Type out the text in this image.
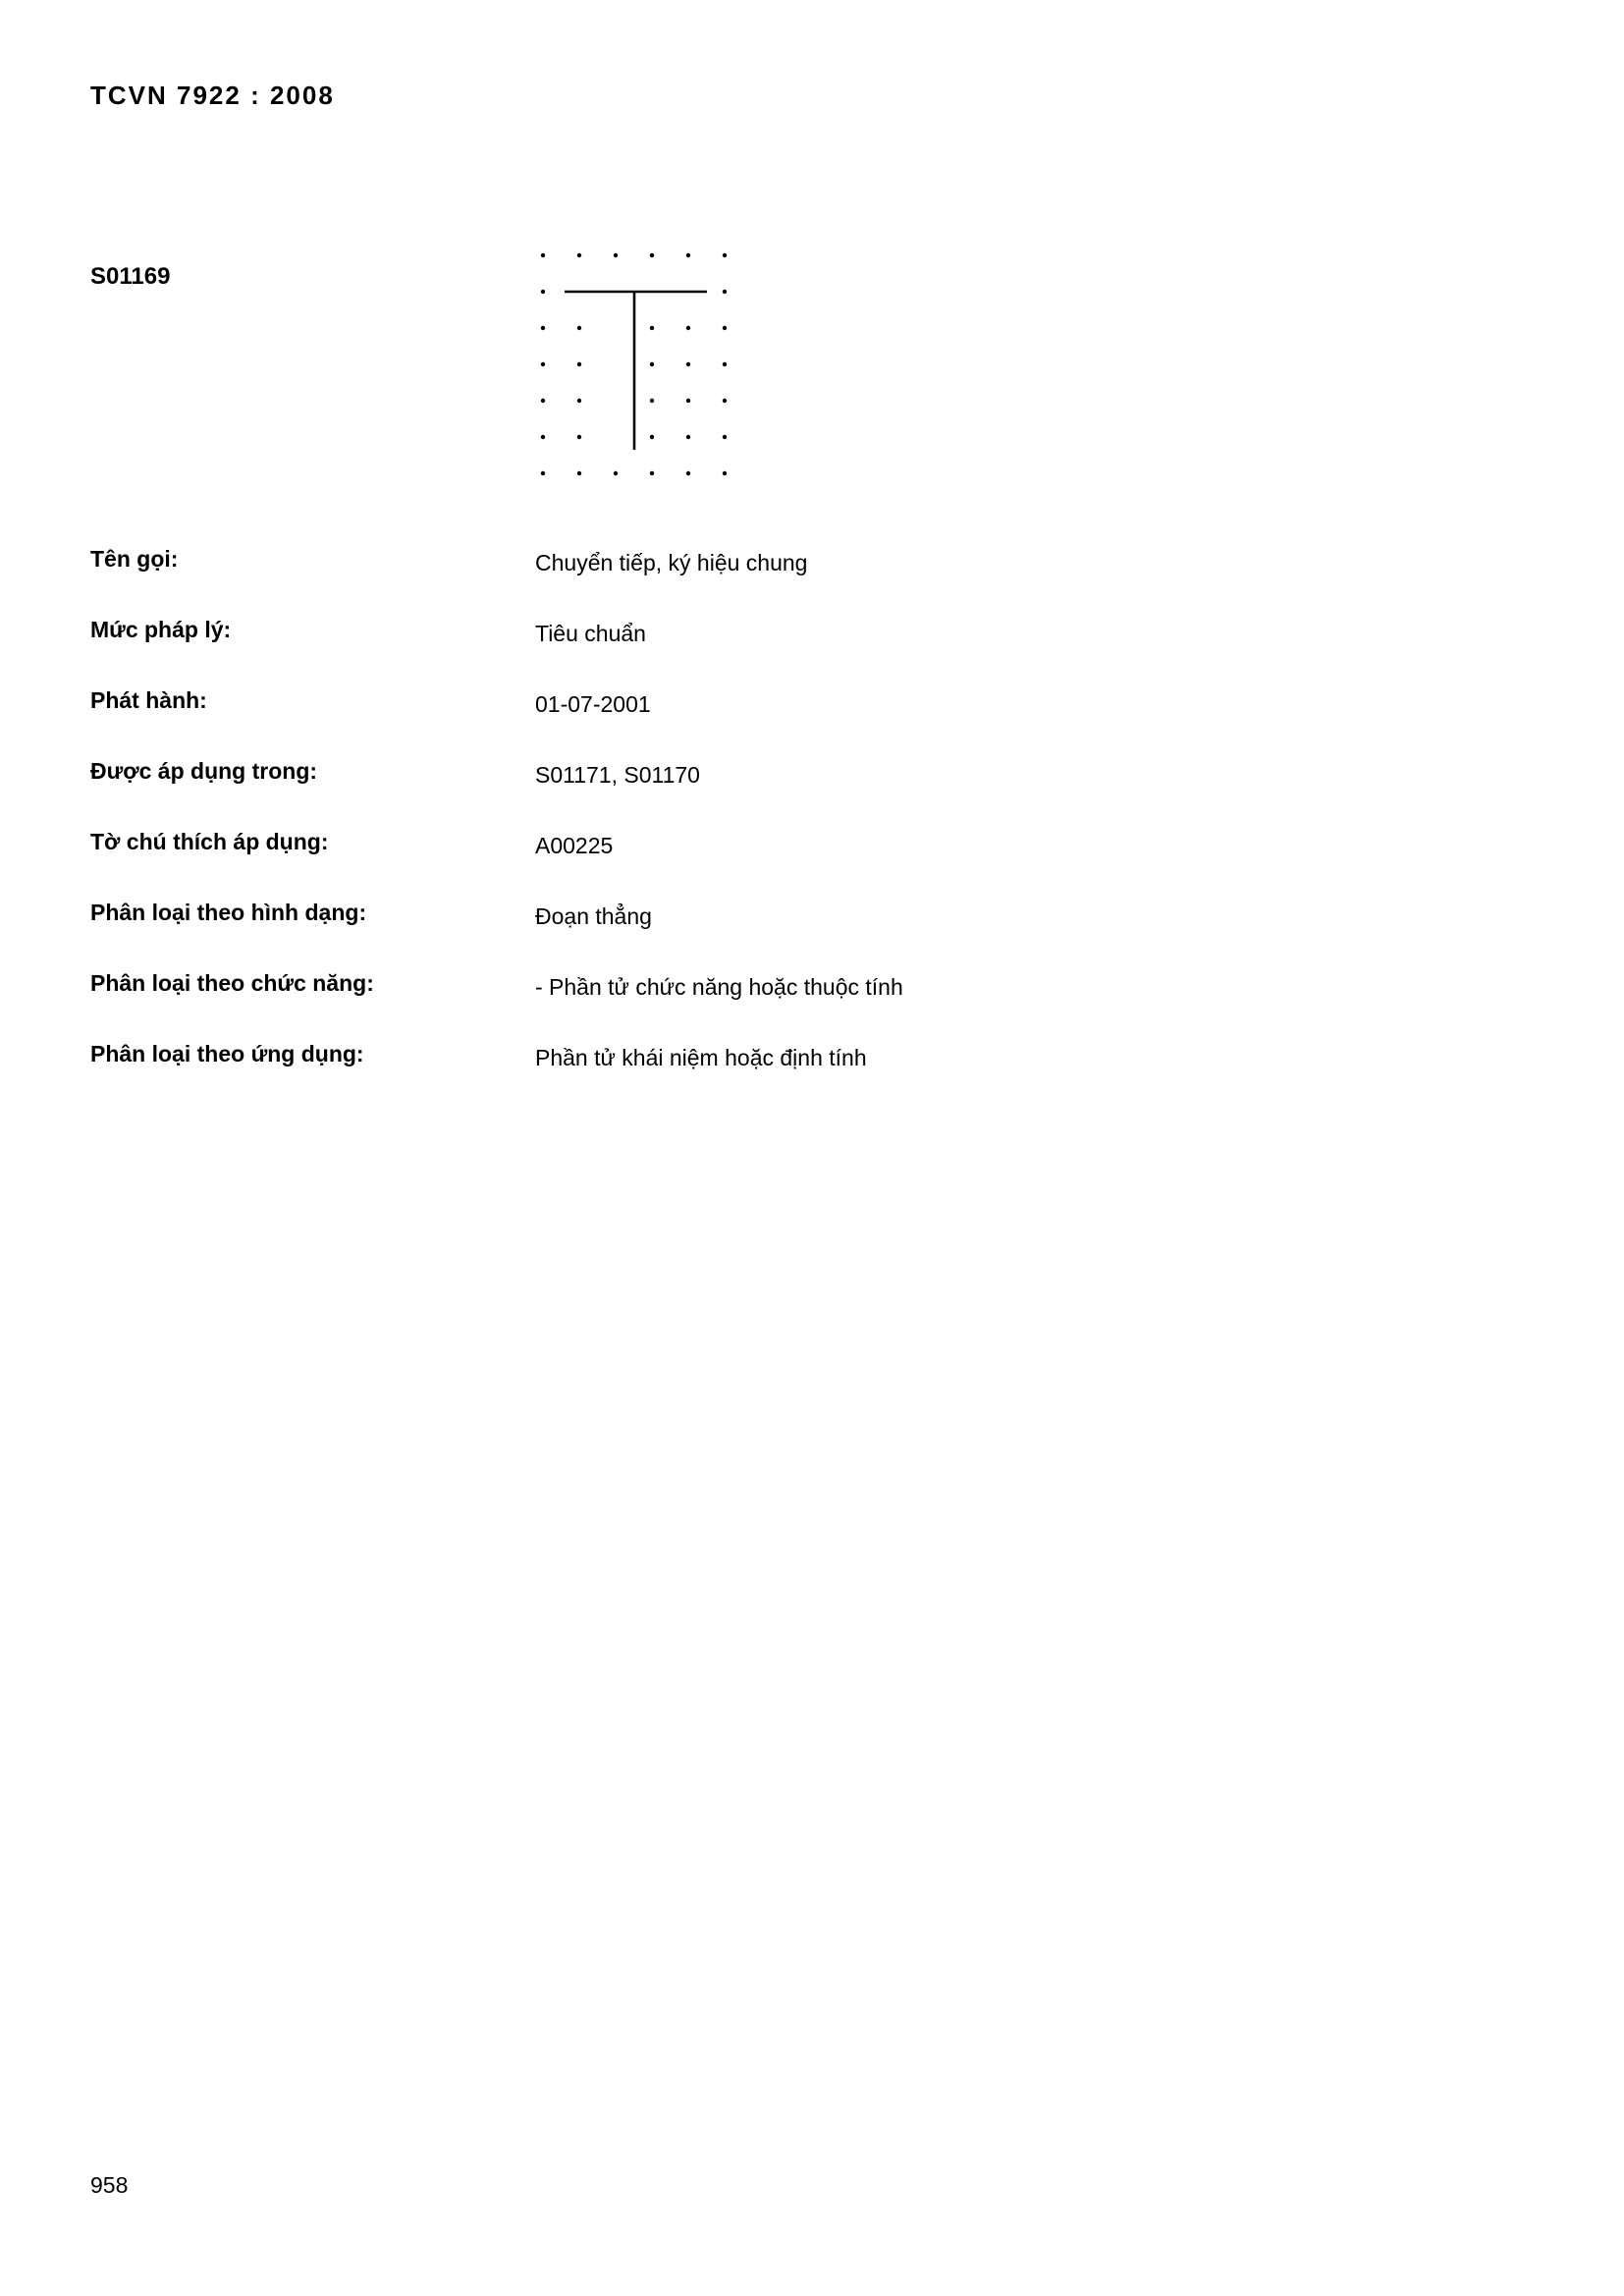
TCVN 7922 : 2008
S01169
Tên gọi:	Chuyển tiếp, ký hiệu chung
Mức pháp lý:	Tiêu chuẩn
Phát hành:	01-07-2001
Được áp dụng trong:	S01171, S01170
Tờ chú thích áp dụng:	A00225
Phân loại theo hình dạng:	Đoạn thẳng
Phân loại theo chức năng:	- Phần tử chức năng hoặc thuộc tính
Phân loại theo ứng dụng:	Phần tử khái niệm hoặc định tính
958
